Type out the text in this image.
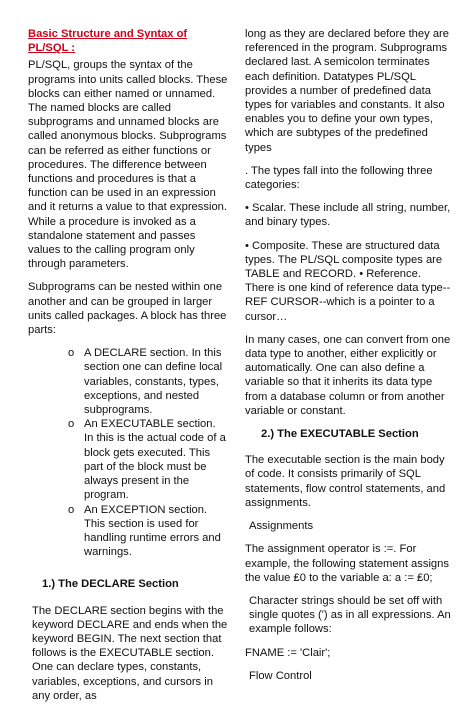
Basic Structure and Syntax of PL/SQL :

PL/SQL, groups the syntax of the programs into units called blocks. These blocks can either named or unnamed. The named blocks are called subprograms and unnamed blocks are called anonymous blocks. Subprograms can be referred as either functions or procedures. The difference between functions and procedures is that a function can be used in an expression and it returns a value to that expression. While a procedure is invoked as a standalone statement and passes values to the calling program only through parameters.

Subprograms can be nested within one another and can be grouped in larger units called packages. A block has three parts:

o A DECLARE section. In this section one can define local variables, constants, types, exceptions, and nested subprograms.
o An EXECUTABLE section. In this is the actual code of a block gets executed. This part of the block must be always present in the program.
o An EXCEPTION section. This section is used for handling runtime errors and warnings.
1.) The DECLARE Section

The DECLARE section begins with the keyword DECLARE and ends when the keyword BEGIN. The next section that follows is the EXECUTABLE section. One can declare types, constants, variables, exceptions, and cursors in any order, as

long as they are declared before they are referenced in the program. Subprograms declared last. A semicolon terminates each definition. Datatypes PL/SQL provides a number of predefined data types for variables and constants. It also enables you to define your own types, which are subtypes of the predefined types

. The types fall into the following three categories:

• Scalar. These include all string, number, and binary types.

• Composite. These are structured data types. The PL/SQL composite types are TABLE and RECORD. • Reference. There is one kind of reference data type--REF CURSOR--which is a pointer to a cursor…

In many cases, one can convert from one data type to another, either explicitly or automatically. One can also define a variable so that it inherits its data type from a database column or from another variable or constant.

2.) The EXECUTABLE Section

The executable section is the main body of code. It consists primarily of SQL statements, flow control statements, and assignments.

Assignments

The assignment operator is :=. For example, the following statement assigns the value ₤0 to the variable a: a := ₤0;

Character strings should be set off with single quotes (') as in all expressions. An example follows:

FNAME := 'Clair';

Flow Control
